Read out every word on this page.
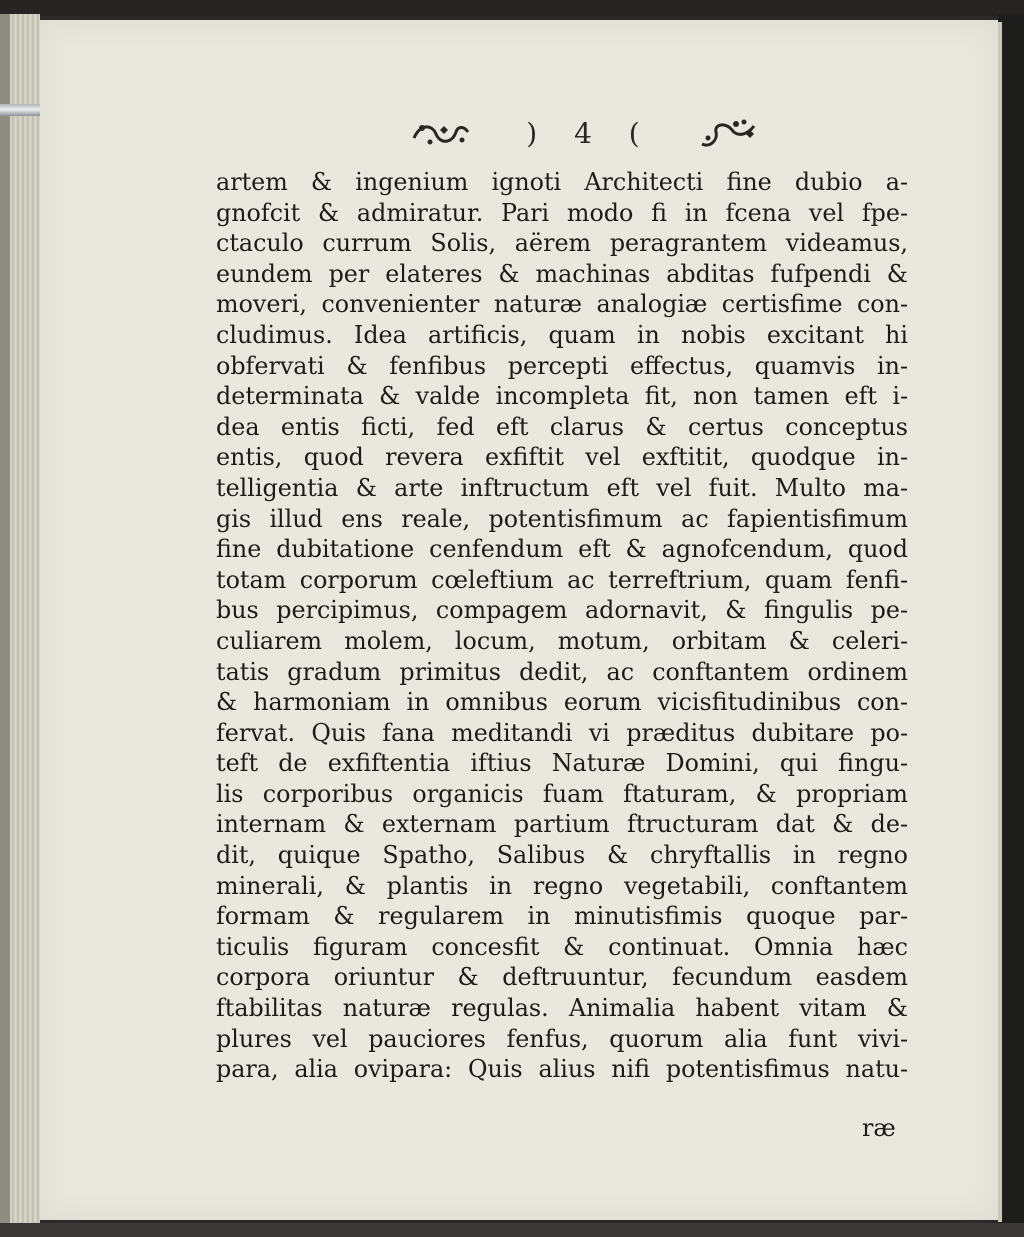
) 4 (
artem & ingenium ignoti Architecti fine dubio a-
gnofcit & admiratur. Pari modo fi in fcena vel fpe-
ctaculo currum Solis, aërem peragrantem videamus,
eundem per elateres & machinas abditas fufpendi &
moveri, convenienter naturæ analogiæ certisfime con-
cludimus. Idea artificis, quam in nobis excitant hi
obfervati & fenfibus percepti effectus, quamvis in-
determinata & valde incompleta fit, non tamen eft i-
dea entis ficti, fed eft clarus & certus conceptus
entis, quod revera exfiftit vel exftitit, quodque in-
telligentia & arte inftructum eft vel fuit. Multo ma-
gis illud ens reale, potentisfimum ac fapientisfimum
fine dubitatione cenfendum eft & agnofcendum, quod
totam corporum cœleftium ac terreftrium, quam fenfi-
bus percipimus, compagem adornavit, & fingulis pe-
culiarem molem, locum, motum, orbitam & celeri-
tatis gradum primitus dedit, ac conftantem ordinem
& harmoniam in omnibus eorum vicisfitudinibus con-
fervat. Quis fana meditandi vi præditus dubitare po-
teft de exfiftentia iftius Naturæ Domini, qui fingu-
lis corporibus organicis fuam ftaturam, & propriam
internam & externam partium ftructuram dat & de-
dit, quique Spatho, Salibus & chryftallis in regno
minerali, & plantis in regno vegetabili, conftantem
formam & regularem in minutisfimis quoque par-
ticulis figuram concesfit & continuat. Omnia hæc
corpora oriuntur & deftruuntur, fecundum easdem
ftabilitas naturæ regulas. Animalia habent vitam &
plures vel pauciores fenfus, quorum alia funt vivi-
para, alia ovipara: Quis alius nifi potentisfimus natu-
ræ
